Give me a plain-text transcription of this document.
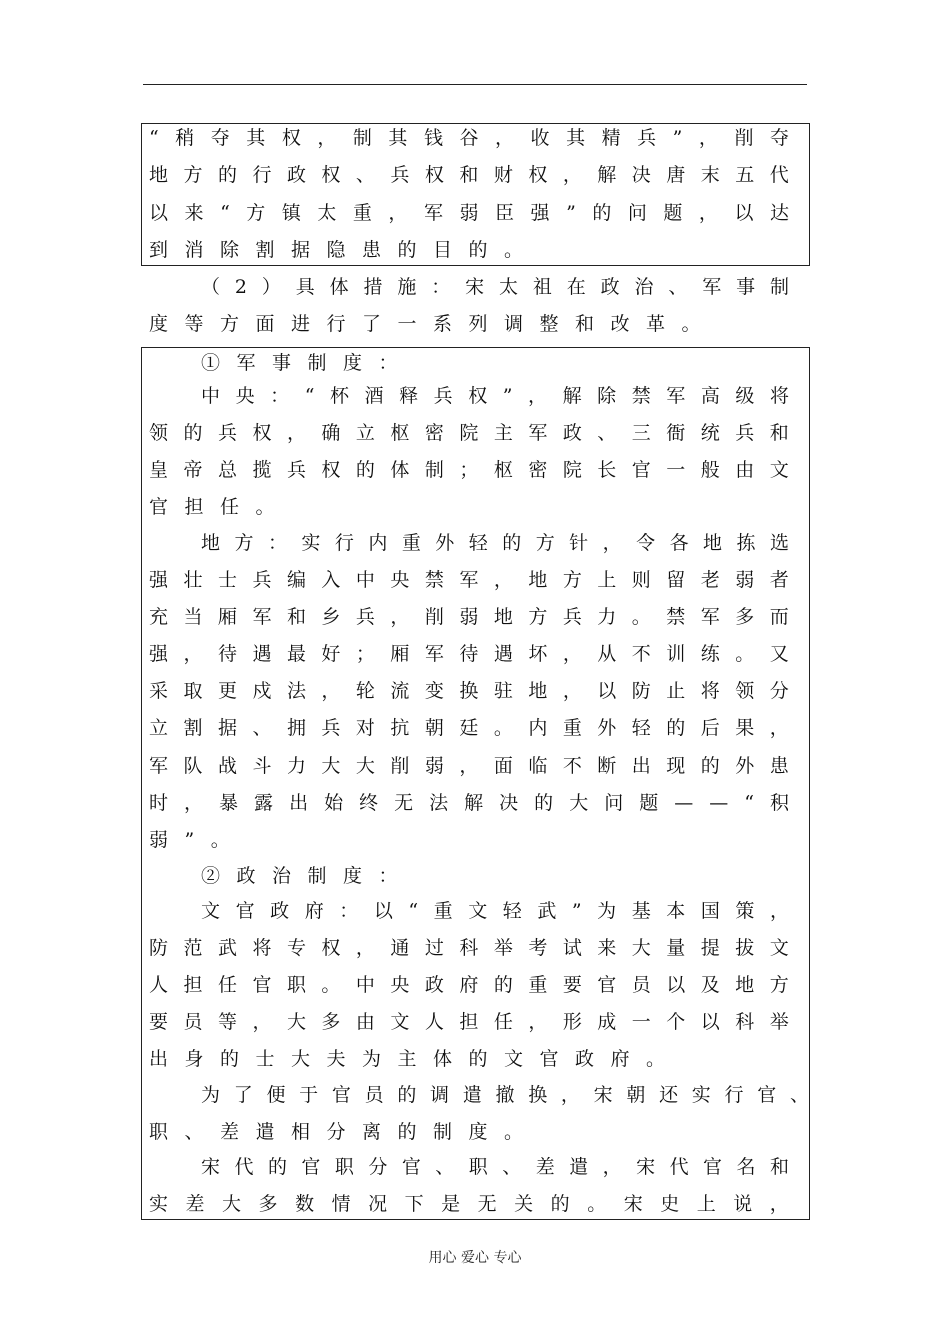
“ 稍 夺 其 权 ， 制 其 钱 谷 ， 收 其 精 兵 ” ， 削 夺
地 方 的 行 政 权 、 兵 权 和 财 权 ， 解 决 唐 末 五 代
以 来 “ 方 镇 太 重 ， 军 弱 臣 强 ” 的 问 题 ， 以 达
到消除割据隐患的目的。
（ 2 ） 具 体 措 施 ： 宋 太 祖 在 政 治 、 军 事 制
度等方面进行了一系列调整和改革。
①军事制度：
中 央 ： “ 杯 酒 释 兵 权 ” ， 解 除 禁 军 高 级 将
领 的 兵 权 ， 确 立 枢 密 院 主 军 政 、 三 衙 统 兵 和
皇 帝 总 揽 兵 权 的 体 制 ； 枢 密 院 长 官 一 般 由 文
官担任。
地 方 ： 实 行 内 重 外 轻 的 方 针 ， 令 各 地 拣 选
强 壮 士 兵 编 入 中 央 禁 军 ， 地 方 上 则 留 老 弱 者
充 当 厢 军 和 乡 兵 ， 削 弱 地 方 兵 力 。 禁 军 多 而
强 ， 待 遇 最 好 ； 厢 军 待 遇 坏 ， 从 不 训 练 。 又
采 取 更 戍 法 ， 轮 流 变 换 驻 地 ， 以 防 止 将 领 分
立 割 据 、 拥 兵 对 抗 朝 廷 。 内 重 外 轻 的 后 果 ，
军 队 战 斗 力 大 大 削 弱 ， 面 临 不 断 出 现 的 外 患
时 ， 暴 露 出 始 终 无 法 解 决 的 大 问 题 — — “ 积
弱”。
②政治制度：
文 官 政 府 ： 以 “ 重 文 轻 武 ” 为 基 本 国 策 ，
防 范 武 将 专 权 ， 通 过 科 举 考 试 来 大 量 提 拔 文
人 担 任 官 职 。 中 央 政 府 的 重 要 官 员 以 及 地 方
要 员 等 ， 大 多 由 文 人 担 任 ， 形 成 一 个 以 科 举
出身的士大夫为主体的文官政府。
为 了 便 于 官 员 的 调 遣 撤 换 ， 宋 朝 还 实 行 官 、
职、差遣相分离的制度。
宋 代 的 官 职 分 官 、 职 、 差 遣 ， 宋 代 官 名 和
实 差 大 多 数 情 况 下 是 无 关 的 。 宋 史 上 说 ，
用心 爱心 专心
